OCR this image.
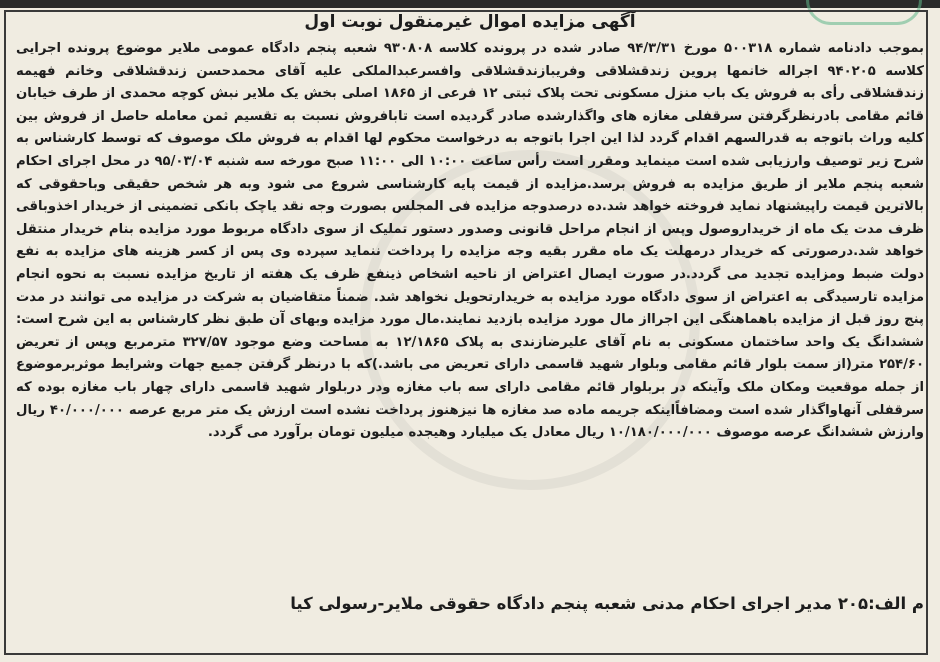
آگهی مزایده اموال غیرمنقول نوبت اول
بموجب دادنامه شماره ۵۰۰۳۱۸ مورخ ۹۴/۳/۳۱ صادر شده در پرونده کلاسه ۹۳۰۸۰۸ شعبه پنجم دادگاه عمومی ملایر موضوع پرونده اجرایی کلاسه ۹۴۰۲۰۵ اجراله خانمها پروین زندقشلاقی وفریبازندقشلاقی وافسرعبدالملکی علیه آقای محمدحسن زندقشلاقی وخانم فهیمه زندقشلاقی رأی به فروش یک باب منزل مسکونی تحت پلاک ثبتی ۱۲ فرعی از ۱۸۶۵ اصلی بخش یک ملایر نبش کوچه محمدی از طرف خیابان قائم مقامی بادرنظرگرفتن سرقفلی مغازه های واگذارشده صادر گردیده است تابافروش نسبت به تقسیم ثمن معامله حاصل از فروش بین کلیه وراث باتوجه به قدرالسهم اقدام گردد لذا این اجرا باتوجه به درخواست محکوم لها اقدام به فروش ملک موصوف که توسط کارشناس به شرح زیر توصیف وارزیابی شده است مینماید ومقرر است رأس ساعت ۱۰:۰۰ الی ۱۱:۰۰ صبح مورخه سه شنبه ۹۵/۰۳/۰۴ در محل اجرای احکام شعبه پنجم ملایر از طریق مزایده به فروش برسد.مزایده از قیمت پایه کارشناسی شروع می شود وبه هر شخص حقیقی وباحقوقی که بالاترین قیمت راپیشنهاد نماید فروخته خواهد شد.ده درصدوجه مزایده فی المجلس بصورت وجه نقد یاچک بانکی تضمینی از خریدار اخذوباقی ظرف مدت یک ماه از خریداروصول وپس از انجام مراحل قانونی وصدور دستور تملیک از سوی دادگاه مربوط مورد مزایده بنام خریدار منتقل خواهد شد.درصورتی که خریدار درمهلت یک ماه مقرر بقیه وجه مزایده را پرداخت ننماید سپرده وی پس از کسر هزینه های مزایده به نفع دولت ضبط ومزایده تجدید می گردد.در صورت ایصال اعتراض از ناحیه اشخاص ذینفع ظرف یک هفته از تاریخ مزایده نسبت به نحوه انجام مزایده تارسیدگی به اعتراض از سوی دادگاه مورد مزایده به خریدارتحویل نخواهد شد. ضمناً متقاضیان به شرکت در مزایده می توانند در مدت پنج روز قبل از مزایده باهماهنگی این اجرااز مال مورد مزایده بازدید نمایند.مال مورد مزایده وبهای آن طبق نظر کارشناس به این شرح است: ششدانگ یک واحد ساختمان مسکونی به نام آقای علیرضازندی به پلاک ۱۲/۱۸۶۵ به مساحت وضع موجود ۳۲۷/۵۷ مترمربع وپس از تعریض ۲۵۴/۶۰ متر(از سمت بلوار قائم مقامی وبلوار شهید قاسمی دارای تعریض می باشد.)که با درنظر گرفتن جمیع جهات وشرایط موثربرموضوع از جمله موقعیت ومکان ملک وآینکه در بربلوار قائم مقامی دارای سه باب مغازه ودر دربلوار شهید قاسمی دارای چهار باب مغازه بوده که سرقفلی آنهاواگذار شده است ومضافاًاینکه جریمه ماده صد مغازه ها نیزهنوز پرداخت نشده است ارزش یک متر مربع عرصه ۴۰/۰۰۰/۰۰۰ ریال وارزش ششدانگ عرصه موصوف ۱۰/۱۸۰/۰۰۰/۰۰۰ ریال معادل یک میلیارد وهیجده میلیون تومان برآورد می گردد.
م الف:۲۰۵ مدیر اجرای احکام مدنی شعبه پنجم دادگاه حقوقی ملایر-رسولی کیا
